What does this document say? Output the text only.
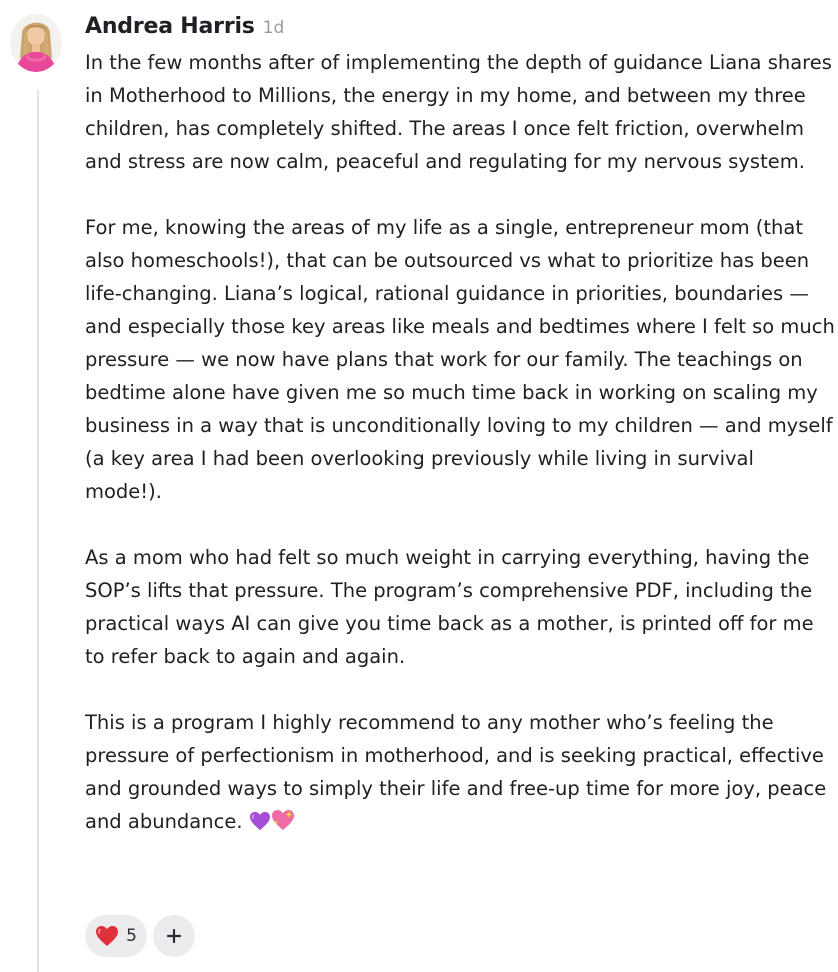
Andrea Harris 1d

In the few months after of implementing the depth of guidance Liana shares in Motherhood to Millions, the energy in my home, and between my three children, has completely shifted. The areas I once felt friction, overwhelm and stress are now calm, peaceful and regulating for my nervous system.

For me, knowing the areas of my life as a single, entrepreneur mom (that also homeschools!), that can be outsourced vs what to prioritize has been life-changing. Liana’s logical, rational guidance in priorities, boundaries — and especially those key areas like meals and bedtimes where I felt so much pressure — we now have plans that work for our family. The teachings on bedtime alone have given me so much time back in working on scaling my business in a way that is unconditionally loving to my children — and myself (a key area I had been overlooking previously while living in survival mode!).

As a mom who had felt so much weight in carrying everything, having the SOP’s lifts that pressure. The program’s comprehensive PDF, including the practical ways AI can give you time back as a mother, is printed off for me to refer back to again and again.

This is a program I highly recommend to any mother who’s feeling the pressure of perfectionism in motherhood, and is seeking practical, effective and grounded ways to simply their life and free-up time for more joy, peace and abundance.

5
